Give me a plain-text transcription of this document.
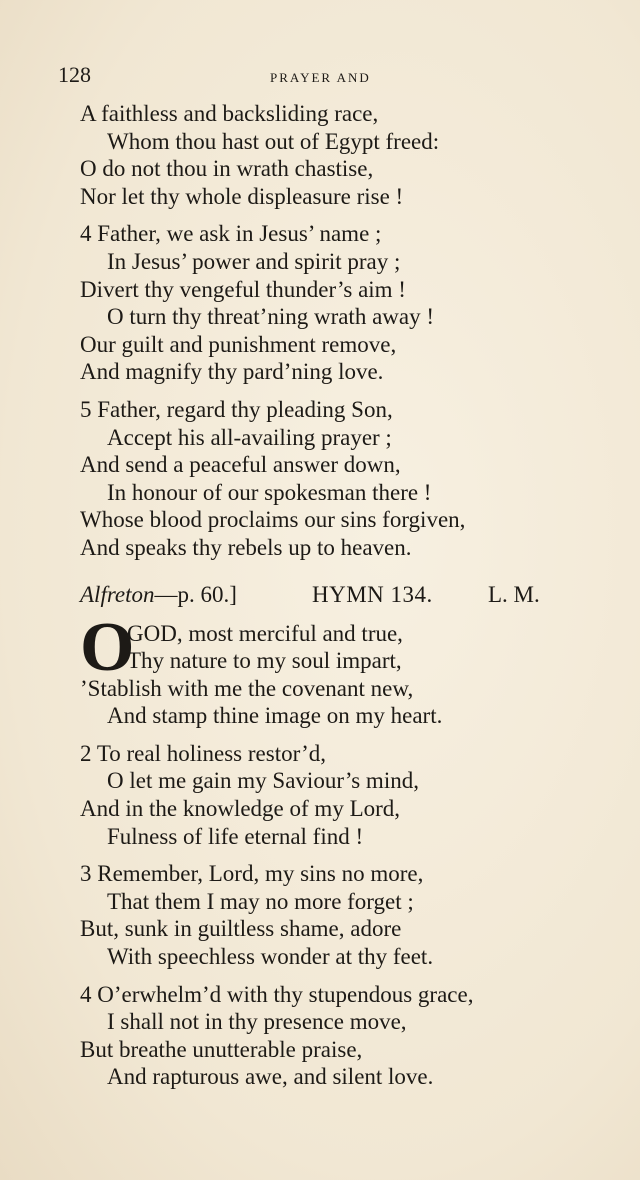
128	PRAYER AND
A faithless and backsliding race,
Whom thou hast out of Egypt freed:
O do not thou in wrath chastise,
Nor let thy whole displeasure rise !
4 Father, we ask in Jesus’ name ;
In Jesus’ power and spirit pray ;
Divert thy vengeful thunder’s aim !
O turn thy threat’ning wrath away !
Our guilt and punishment remove,
And magnify thy pard’ning love.
5 Father, regard thy pleading Son,
Accept his all-availing prayer ;
And send a peaceful answer down,
In honour of our spokesman there !
Whose blood proclaims our sins forgiven,
And speaks thy rebels up to heaven.
Alfreton—p. 60.]	HYMN 134. L. M.
O
GOD, most merciful and true,
Thy nature to my soul impart,
’Stablish with me the covenant new,
And stamp thine image on my heart.
2 To real holiness restor’d,
O let me gain my Saviour’s mind,
And in the knowledge of my Lord,
Fulness of life eternal find !
3 Remember, Lord, my sins no more,
That them I may no more forget ;
But, sunk in guiltless shame, adore
With speechless wonder at thy feet.
4 O’erwhelm’d with thy stupendous grace,
I shall not in thy presence move,
But breathe unutterable praise,
And rapturous awe, and silent love.
